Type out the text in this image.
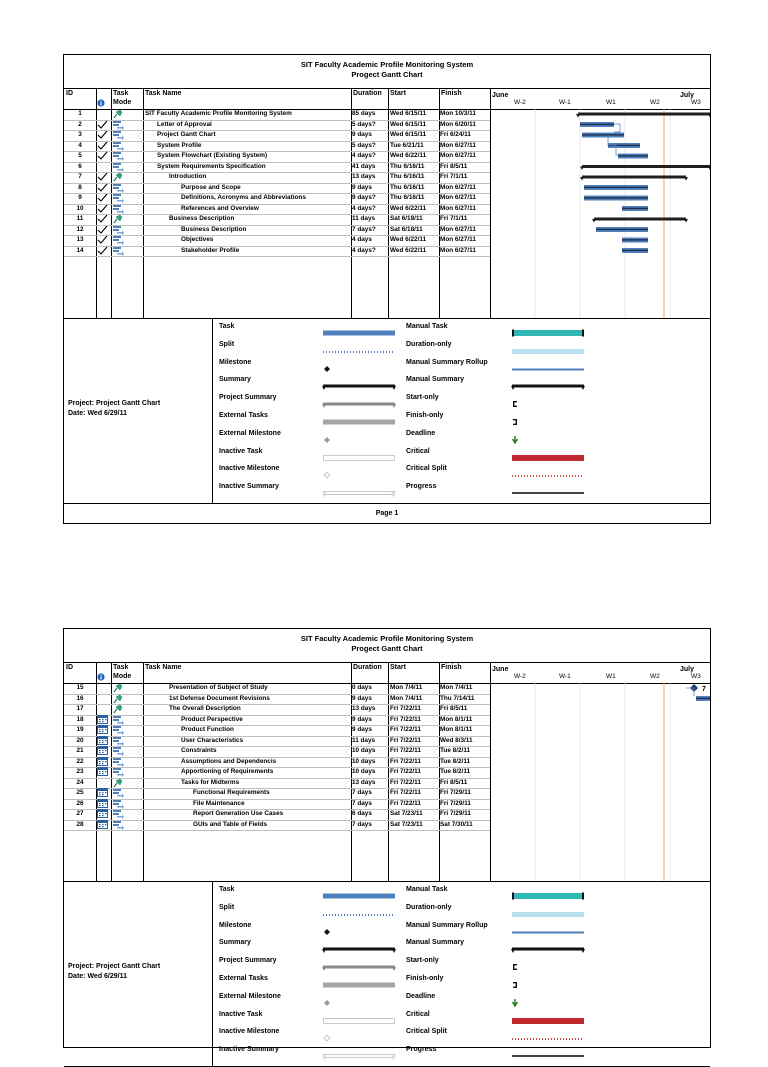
SIT Faculty Academic Profile Monitoring System
Progect Gantt Chart
ID	Task
Mode
Task Name	Duration Start	Finish	June	July
W-2	W-1	W1	W2	W3
1	SIT Faculty Academic Profile Monitoring System	85 days Wed 6/15/11 Mon 10/3/11
2	Letter of Approval	5 days? Wed 6/15/11 Mon 6/20/11
3	Project Gantt Chart	9 days	Wed 6/15/11 Fri 6/24/11
4	System Profile	5 days? Tue 6/21/11	Mon 6/27/11
5	System Flowchart (Existing System)	4 days? Wed 6/22/11 Mon 6/27/11
6	System Requirements Specification	41 days Thu 6/16/11 Fri 8/5/11
7	Introduction	13 days Thu 6/16/11 Fri 7/1/11
8	Purpose and Scope	9 days	Thu 6/16/11 Mon 6/27/11
9	Definitions, Acronyms and Abbreviations	9 days? Thu 6/16/11 Mon 6/27/11
10	References and Overview	4 days? Wed 6/22/11 Mon 6/27/11
11	Business Description	11 days Sat 6/18/11	Fri 7/1/11
12	Business Description	7 days? Sat 6/18/11	Mon 6/27/11
13	Objectives	4 days	Wed 6/22/11 Mon 6/27/11
14	Stakeholder Profile	4 days? Wed 6/22/11 Mon 6/27/11
Project: Project Gantt Chart
Date: Wed 6/29/11
Task
Split
Milestone
Summary
Project Summary
External Tasks
External Milestone
Inactive Task
Inactive Milestone
Inactive Summary
Manual Task
Duration-only
Manual Summary Rollup
Manual Summary
Start-only
Finish-only
Deadline
Critical
Critical Split
Progress
Page 1
SIT Faculty Academic Profile Monitoring System
Progect Gantt Chart
ID	Task
Mode
Task Name	Duration Start	Finish	June	July
W-2	W-1	W1	W2	W3
15	Presentation of Subject of Study	0 days	Mon 7/4/11	Mon 7/4/11
16	1st Defense Document Revisions	9 days	Mon 7/4/11	Thu 7/14/11
17	The Overall Description	13 days Fri 7/22/11	Fri 8/5/11
18	Product Perspective	9 days	Fri 7/22/11	Mon 8/1/11
19	Product Function	9 days	Fri 7/22/11	Mon 8/1/11
20	User Characteristics	11 days Fri 7/22/11	Wed 8/3/11
21	Constraints	10 days Fri 7/22/11	Tue 8/2/11
22	Assumptions and Dependencis	10 days Fri 7/22/11	Tue 8/2/11
23	Apportioning of Requirements	10 days Fri 7/22/11	Tue 8/2/11
24	Tasks for Midterms	13 days Fri 7/22/11	Fri 8/5/11
25	Functional Requirements	7 days	Fri 7/22/11	Fri 7/29/11
26	File Maintenance	7 days	Fri 7/22/11	Fri 7/29/11
27	Report Generation Use Cases	6 days	Sat 7/23/11	Fri 7/29/11
28	GUIs and Table of Fields	7 days	Sat 7/23/11	Sat 7/30/11
7
Project: Project Gantt Chart
Date: Wed 6/29/11
Task
Split
Milestone
Summary
Project Summary
External Tasks
External Milestone
Inactive Task
Inactive Milestone
Inactive Summary
Manual Task
Duration-only
Manual Summary Rollup
Manual Summary
Start-only
Finish-only
Deadline
Critical
Critical Split
Progress
